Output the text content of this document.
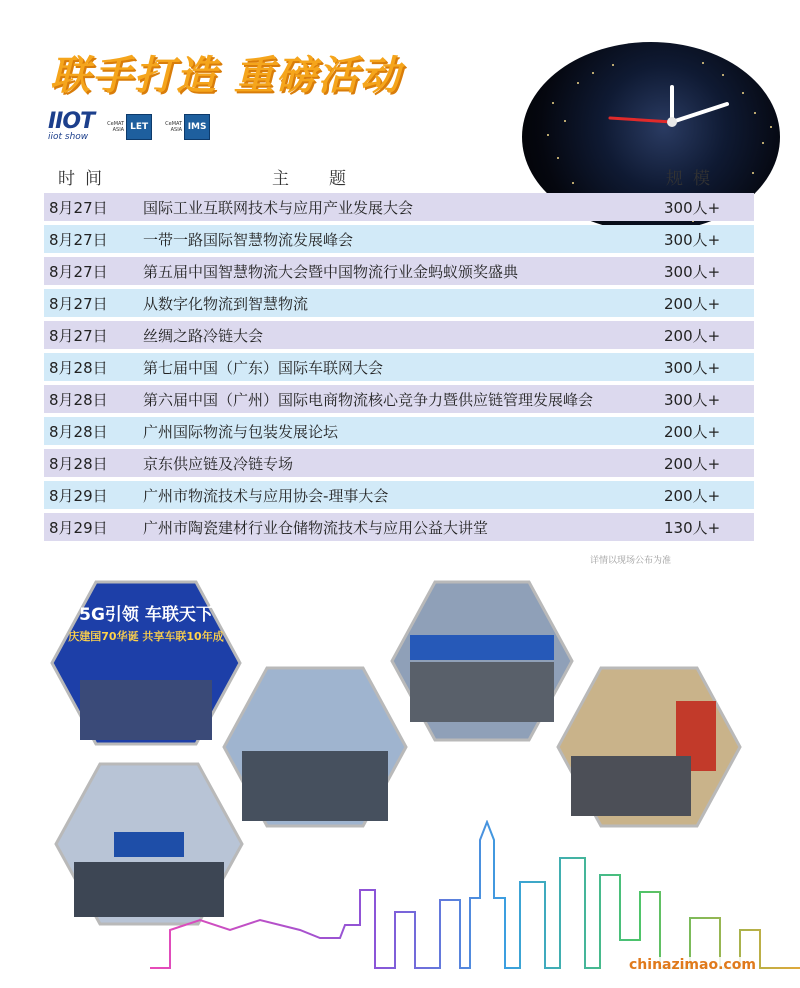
联手打造 重磅活动
IIOT
iiot show
CeMAT ASIA LET	CeMAT ASIA IMS
时间	主题	规模
8月27日	国际工业互联网技术与应用产业发展大会	300人+
8月27日	一带一路国际智慧物流发展峰会	300人+
8月27日	第五届中国智慧物流大会暨中国物流行业金蚂蚁颁奖盛典	300人+
8月27日	从数字化物流到智慧物流	200人+
8月27日	丝绸之路冷链大会	200人+
8月28日	第七届中国（广东）国际车联网大会	300人+
8月28日	第六届中国（广州）国际电商物流核心竞争力暨供应链管理发展峰会	300人+
8月28日	广州国际物流与包装发展论坛	200人+
8月28日	京东供应链及冷链专场	200人+
8月29日	广州市物流技术与应用协会-理事大会	200人+
8月29日	广州市陶瓷建材行业仓储物流技术与应用公益大讲堂	130人+
详情以现场公布为准
5G引领 车联天下
庆建国70华诞 共享车联10年成
chinazimao.com
